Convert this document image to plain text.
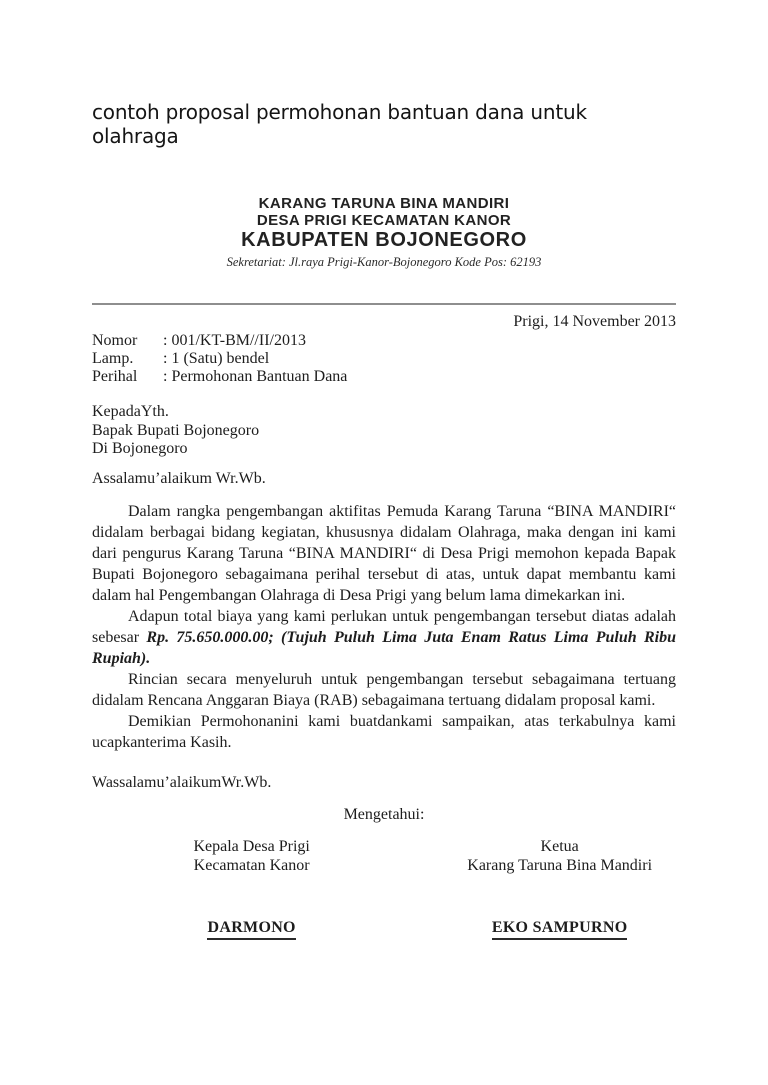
contoh proposal permohonan bantuan dana untuk olahraga
KARANG TARUNA BINA MANDIRI
DESA PRIGI KECAMATAN KANOR
KABUPATEN BOJONEGORO
Sekretariat: Jl.raya Prigi-Kanor-Bojonegoro Kode Pos: 62193
Prigi, 14 November 2013
Nomor : 001/KT-BM//II/2013
Lamp. : 1 (Satu) bendel
Perihal : Permohonan Bantuan Dana
KepadaYth.
Bapak Bupati Bojonegoro
Di Bojonegoro
Assalamu’alaikum Wr.Wb.

Dalam rangka pengembangan aktifitas Pemuda Karang Taruna “BINA MANDIRI“ didalam berbagai bidang kegiatan, khususnya didalam Olahraga, maka dengan ini kami dari pengurus Karang Taruna “BINA MANDIRI“ di Desa Prigi memohon kepada Bapak Bupati Bojonegoro sebagaimana perihal tersebut di atas, untuk dapat membantu kami dalam hal Pengembangan Olahraga di Desa Prigi yang belum lama dimekarkan ini.

Adapun total biaya yang kami perlukan untuk pengembangan tersebut diatas adalah sebesar Rp. 75.650.000.00; (Tujuh Puluh Lima Juta Enam Ratus Lima Puluh Ribu Rupiah).

Rincian secara menyeluruh untuk pengembangan tersebut sebagaimana tertuang didalam Rencana Anggaran Biaya (RAB) sebagaimana tertuang didalam proposal kami.

Demikian Permohonanini kami buatdankami sampaikan, atas terkabulnya kami ucapkanterima Kasih.

Wassalamu’alaikumWr.Wb.
Mengetahui:
Kepala Desa Prigi
Kecamatan Kanor
DARMONO
Ketua
Karang Taruna Bina Mandiri
EKO SAMPURNO
